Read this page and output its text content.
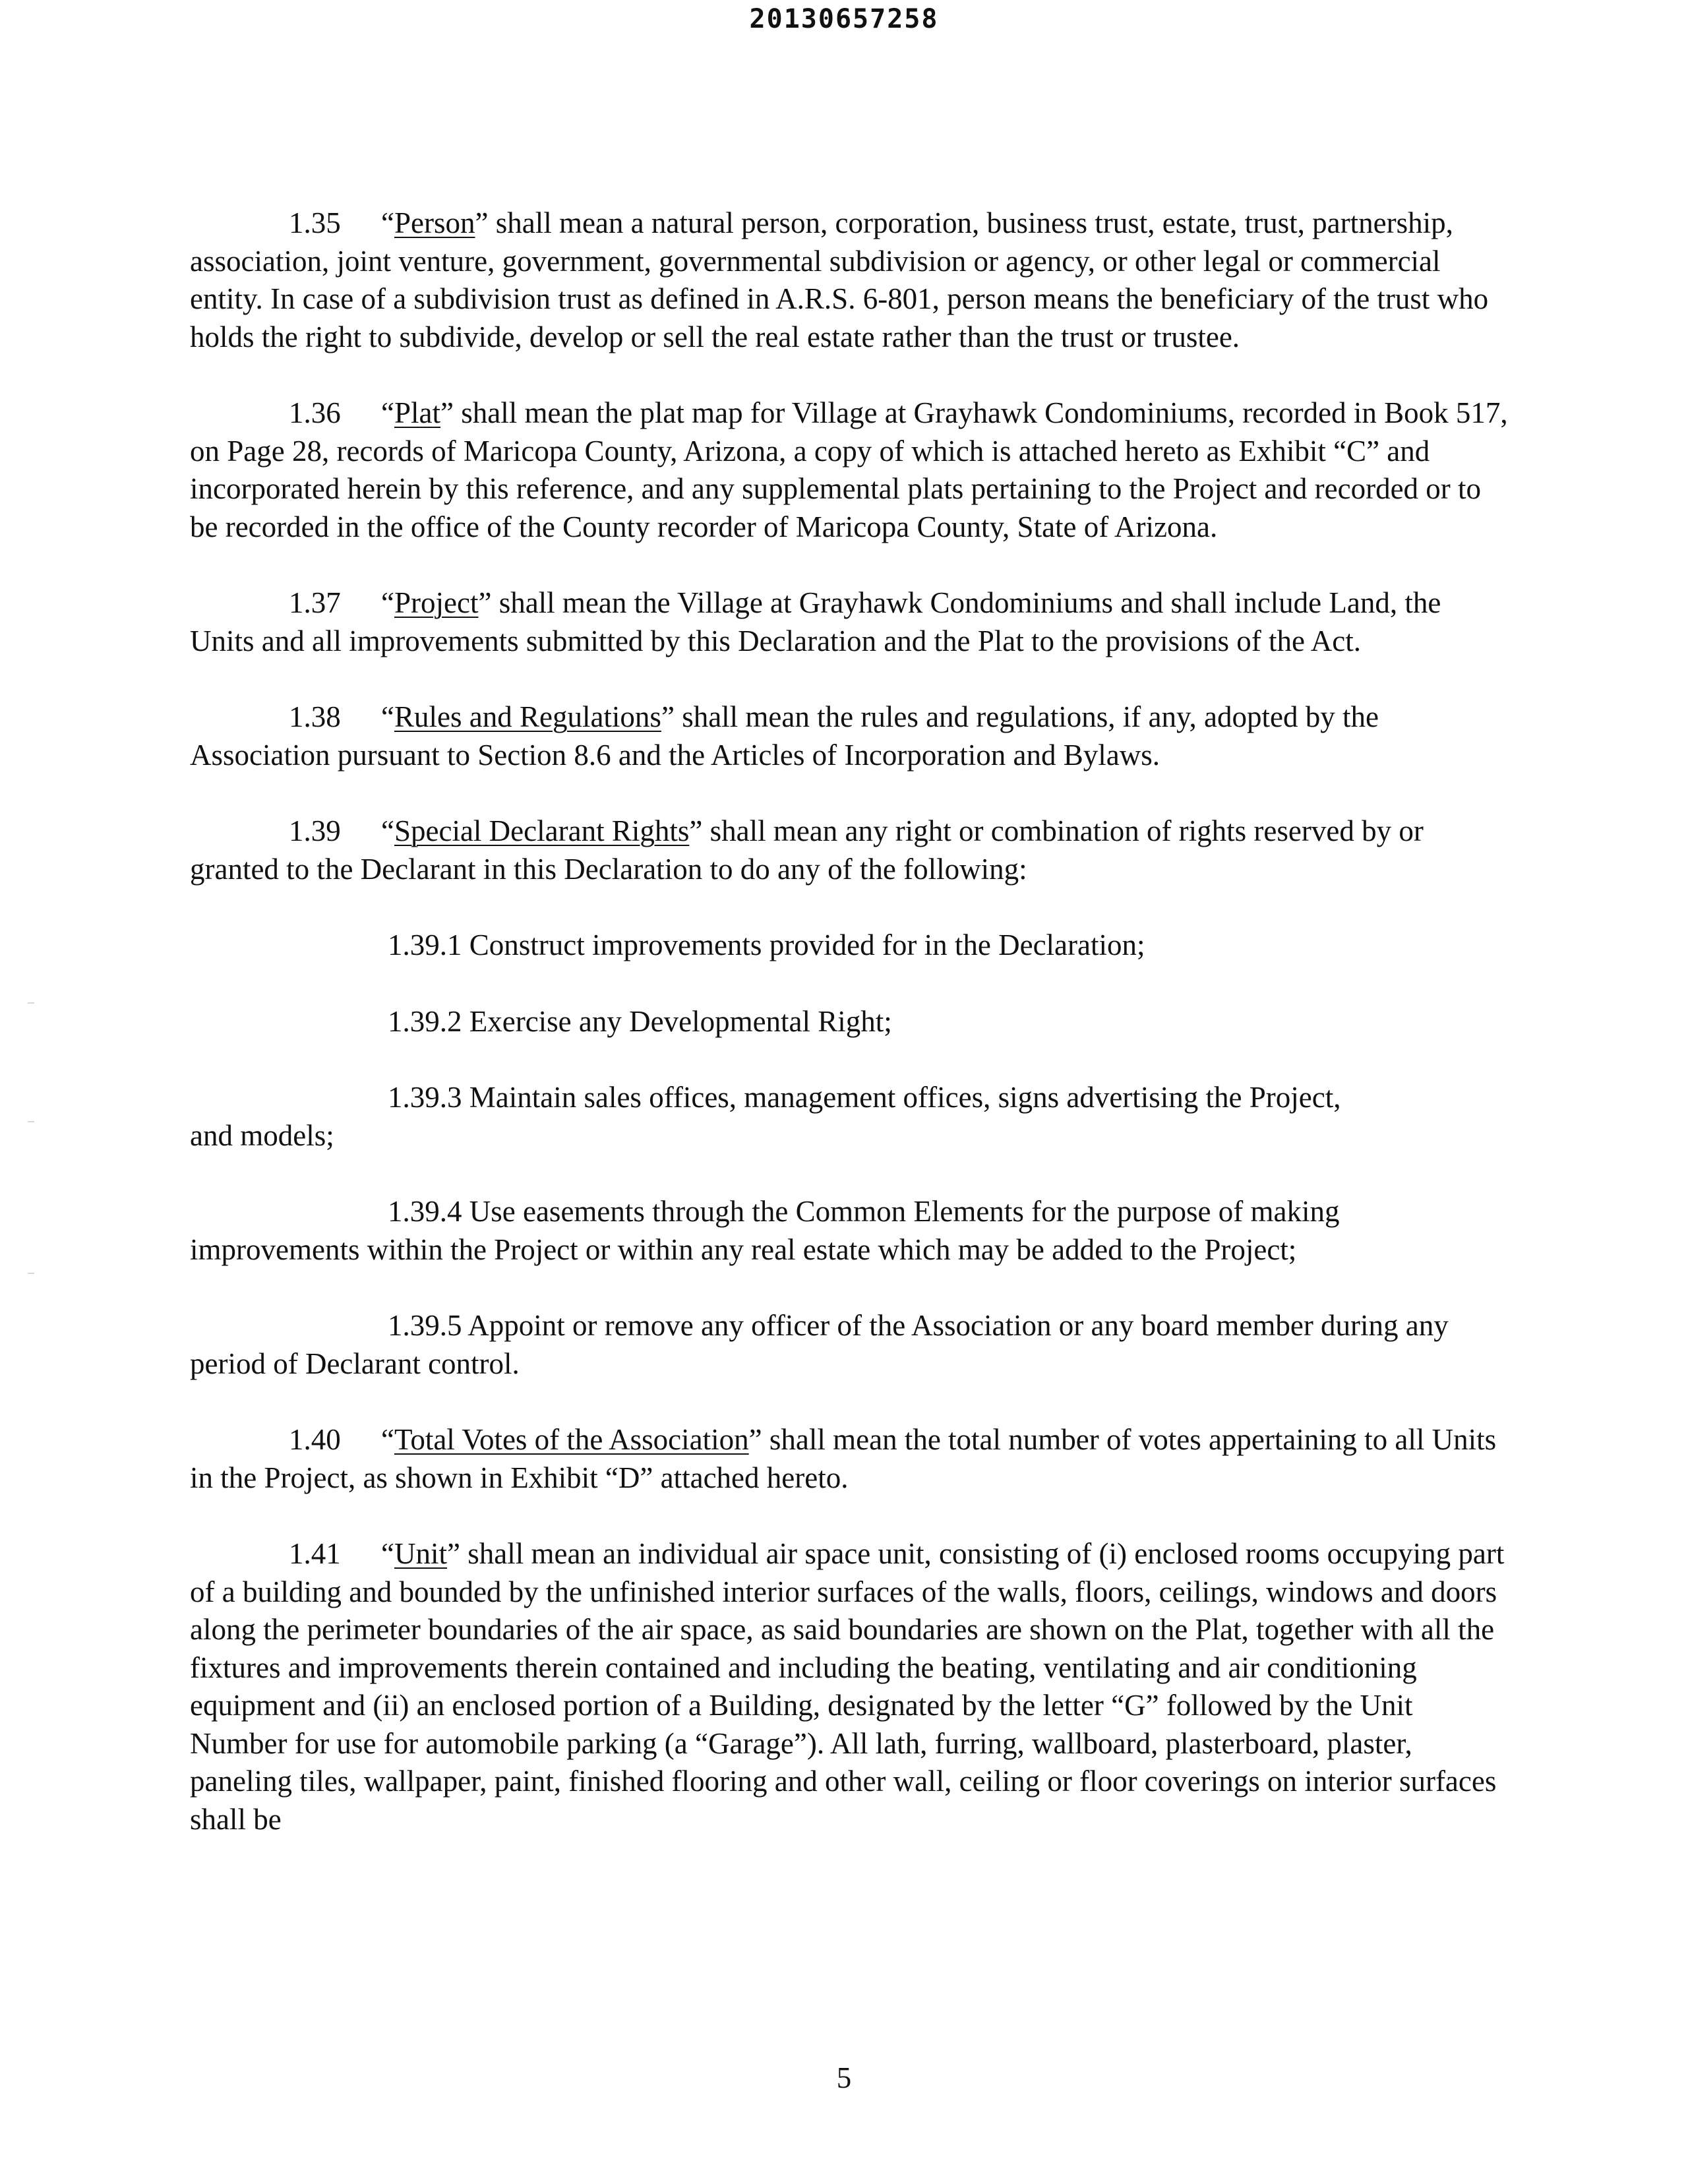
20130657258

1.35 “Person” shall mean a natural person, corporation, business trust, estate, trust, partnership, association, joint venture, government, governmental subdivision or agency, or other legal or commercial entity. In case of a subdivision trust as defined in A.R.S. 6-801, person means the beneficiary of the trust who holds the right to subdivide, develop or sell the real estate rather than the trust or trustee.

1.36 “Plat” shall mean the plat map for Village at Grayhawk Condominiums, recorded in Book 517, on Page 28, records of Maricopa County, Arizona, a copy of which is attached hereto as Exhibit “C” and incorporated herein by this reference, and any supplemental plats pertaining to the Project and recorded or to be recorded in the office of the County recorder of Maricopa County, State of Arizona.

1.37 “Project” shall mean the Village at Grayhawk Condominiums and shall include Land, the Units and all improvements submitted by this Declaration and the Plat to the provisions of the Act.

1.38 “Rules and Regulations” shall mean the rules and regulations, if any, adopted by the Association pursuant to Section 8.6 and the Articles of Incorporation and Bylaws.

1.39 “Special Declarant Rights” shall mean any right or combination of rights reserved by or granted to the Declarant in this Declaration to do any of the following:

1.39.1 Construct improvements provided for in the Declaration;

1.39.2 Exercise any Developmental Right;

1.39.3 Maintain sales offices, management offices, signs advertising the Project,
and models;

1.39.4 Use easements through the Common Elements for the purpose of making improvements within the Project or within any real estate which may be added to the Project;

1.39.5 Appoint or remove any officer of the Association or any board member during any period of Declarant control.

1.40 “Total Votes of the Association” shall mean the total number of votes appertaining to all Units in the Project, as shown in Exhibit “D” attached hereto.

1.41 “Unit” shall mean an individual air space unit, consisting of (i) enclosed rooms occupying part of a building and bounded by the unfinished interior surfaces of the walls, floors, ceilings, windows and doors along the perimeter boundaries of the air space, as said boundaries are shown on the Plat, together with all the fixtures and improvements therein contained and including the beating, ventilating and air conditioning equipment and (ii) an enclosed portion of a Building, designated by the letter “G” followed by the Unit Number for use for automobile parking (a “Garage”). All lath, furring, wallboard, plasterboard, plaster, paneling tiles, wallpaper, paint, finished flooring and other wall, ceiling or floor coverings on interior surfaces shall be

5
